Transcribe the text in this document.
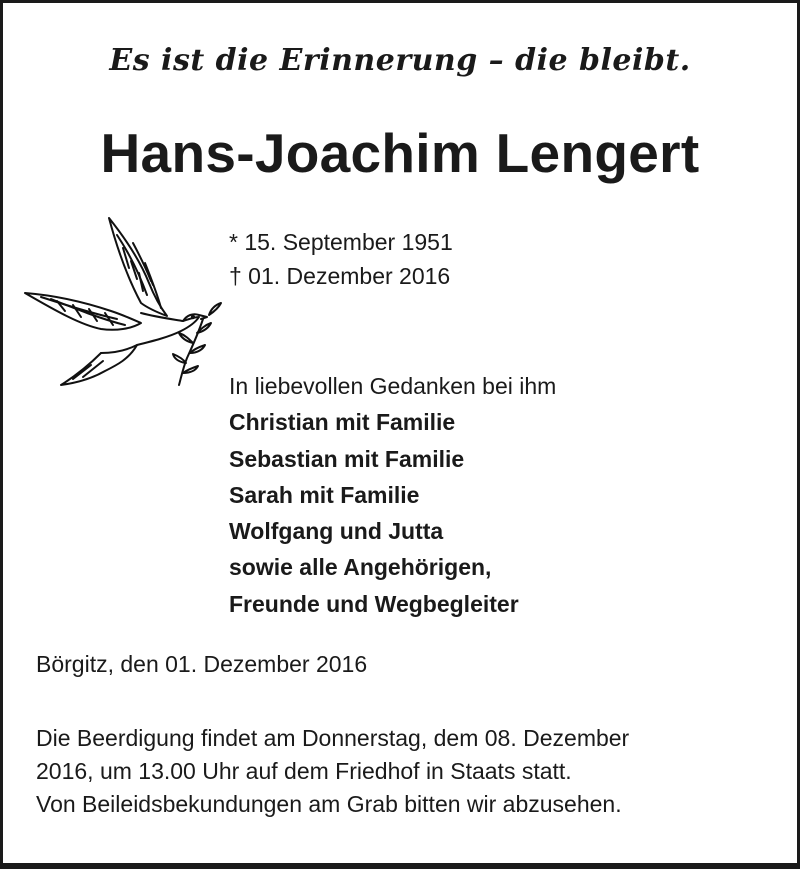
Es ist die Erinnerung – die bleibt.
Hans-Joachim Lengert
* 15. September 1951
† 01. Dezember 2016
In liebevollen Gedanken bei ihm
Christian mit Familie
Sebastian mit Familie
Sarah mit Familie
Wolfgang und Jutta
sowie alle Angehörigen,
Freunde und Wegbegleiter
Börgitz, den 01. Dezember 2016
Die Beerdigung findet am Donnerstag, dem 08. Dezember
2016, um 13.00 Uhr auf dem Friedhof in Staats statt.
Von Beileidsbekundungen am Grab bitten wir abzusehen.
